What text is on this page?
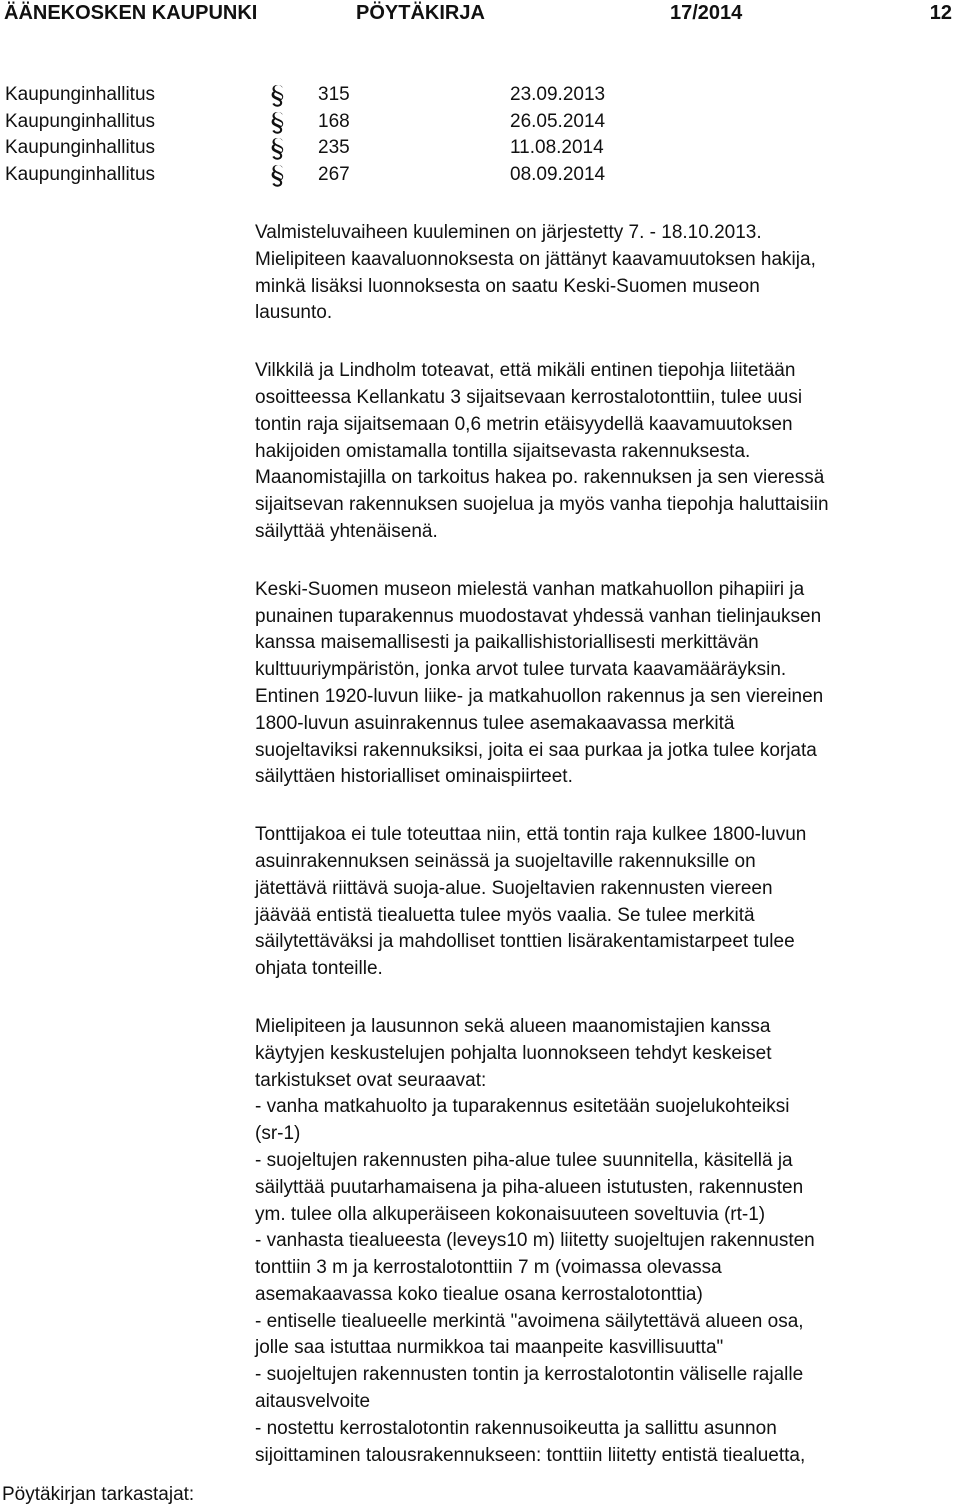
ÄÄNEKOSKEN KAUPUNKI	PÖYTÄKIRJA	17/2014	12
Kaupunginhallitus	315	23.09.2013
Kaupunginhallitus	168	26.05.2014
Kaupunginhallitus	235	11.08.2014
Kaupunginhallitus	267	08.09.2014
Valmisteluvaiheen kuuleminen on järjestetty 7. - 18.10.2013.
Mielipiteen kaavaluonnoksesta on jättänyt kaavamuutoksen hakija,
minkä lisäksi luonnoksesta on saatu Keski-Suomen museon
lausunto.
Vilkkilä ja Lindholm toteavat, että mikäli entinen tiepohja liitetään
osoitteessa Kellankatu 3 sijaitsevaan kerrostalotonttiin, tulee uusi
tontin raja sijaitsemaan 0,6 metrin etäisyydellä kaavamuutoksen
hakijoiden omistamalla tontilla sijaitsevasta rakennuksesta.
Maanomistajilla on tarkoitus hakea po. rakennuksen ja sen vieressä
sijaitsevan rakennuksen suojelua ja myös vanha tiepohja haluttaisiin
säilyttää yhtenäisenä.
Keski-Suomen museon mielestä vanhan matkahuollon pihapiiri ja
punainen tuparakennus muodostavat yhdessä vanhan tielinjauksen
kanssa maisemallisesti ja paikallishistoriallisesti merkittävän
kulttuuriympäristön, jonka arvot tulee turvata kaavamääräyksin.
Entinen 1920-luvun liike- ja matkahuollon rakennus ja sen viereinen
1800-luvun asuinrakennus tulee asemakaavassa merkitä
suojeltaviksi rakennuksiksi, joita ei saa purkaa ja jotka tulee korjata
säilyttäen historialliset ominaispiirteet.
Tonttijakoa ei tule toteuttaa niin, että tontin raja kulkee 1800-luvun
asuinrakennuksen seinässä ja suojeltaville rakennuksille on
jätettävä riittävä suoja-alue. Suojeltavien rakennusten viereen
jäävää entistä tiealuetta tulee myös vaalia. Se tulee merkitä
säilytettäväksi ja mahdolliset tonttien lisärakentamistarpeet tulee
ohjata tonteille.
Mielipiteen ja lausunnon sekä alueen maanomistajien kanssa
käytyjen keskustelujen pohjalta luonnokseen tehdyt keskeiset
tarkistukset ovat seuraavat:
- vanha matkahuolto ja tuparakennus esitetään suojelukohteiksi
(sr-1)
- suojeltujen rakennusten piha-alue tulee suunnitella, käsitellä ja
säilyttää puutarhamaisena ja piha-alueen istutusten, rakennusten
ym. tulee olla alkuperäiseen kokonaisuuteen soveltuvia (rt-1)
- vanhasta tiealueesta (leveys10 m) liitetty suojeltujen rakennusten
tonttiin 3 m ja kerrostalotonttiin 7 m (voimassa olevassa
asemakaavassa koko tiealue osana kerrostalotonttia)
- entiselle tiealueelle merkintä "avoimena säilytettävä alueen osa,
jolle saa istuttaa nurmikkoa tai maanpeite kasvillisuutta"
- suojeltujen rakennusten tontin ja kerrostalotontin väliselle rajalle
aitausvelvoite
- nostettu kerrostalotontin rakennusoikeutta ja sallittu asunnon
sijoittaminen talousrakennukseen: tonttiin liitetty entistä tiealuetta,
Pöytäkirjan tarkastajat:
